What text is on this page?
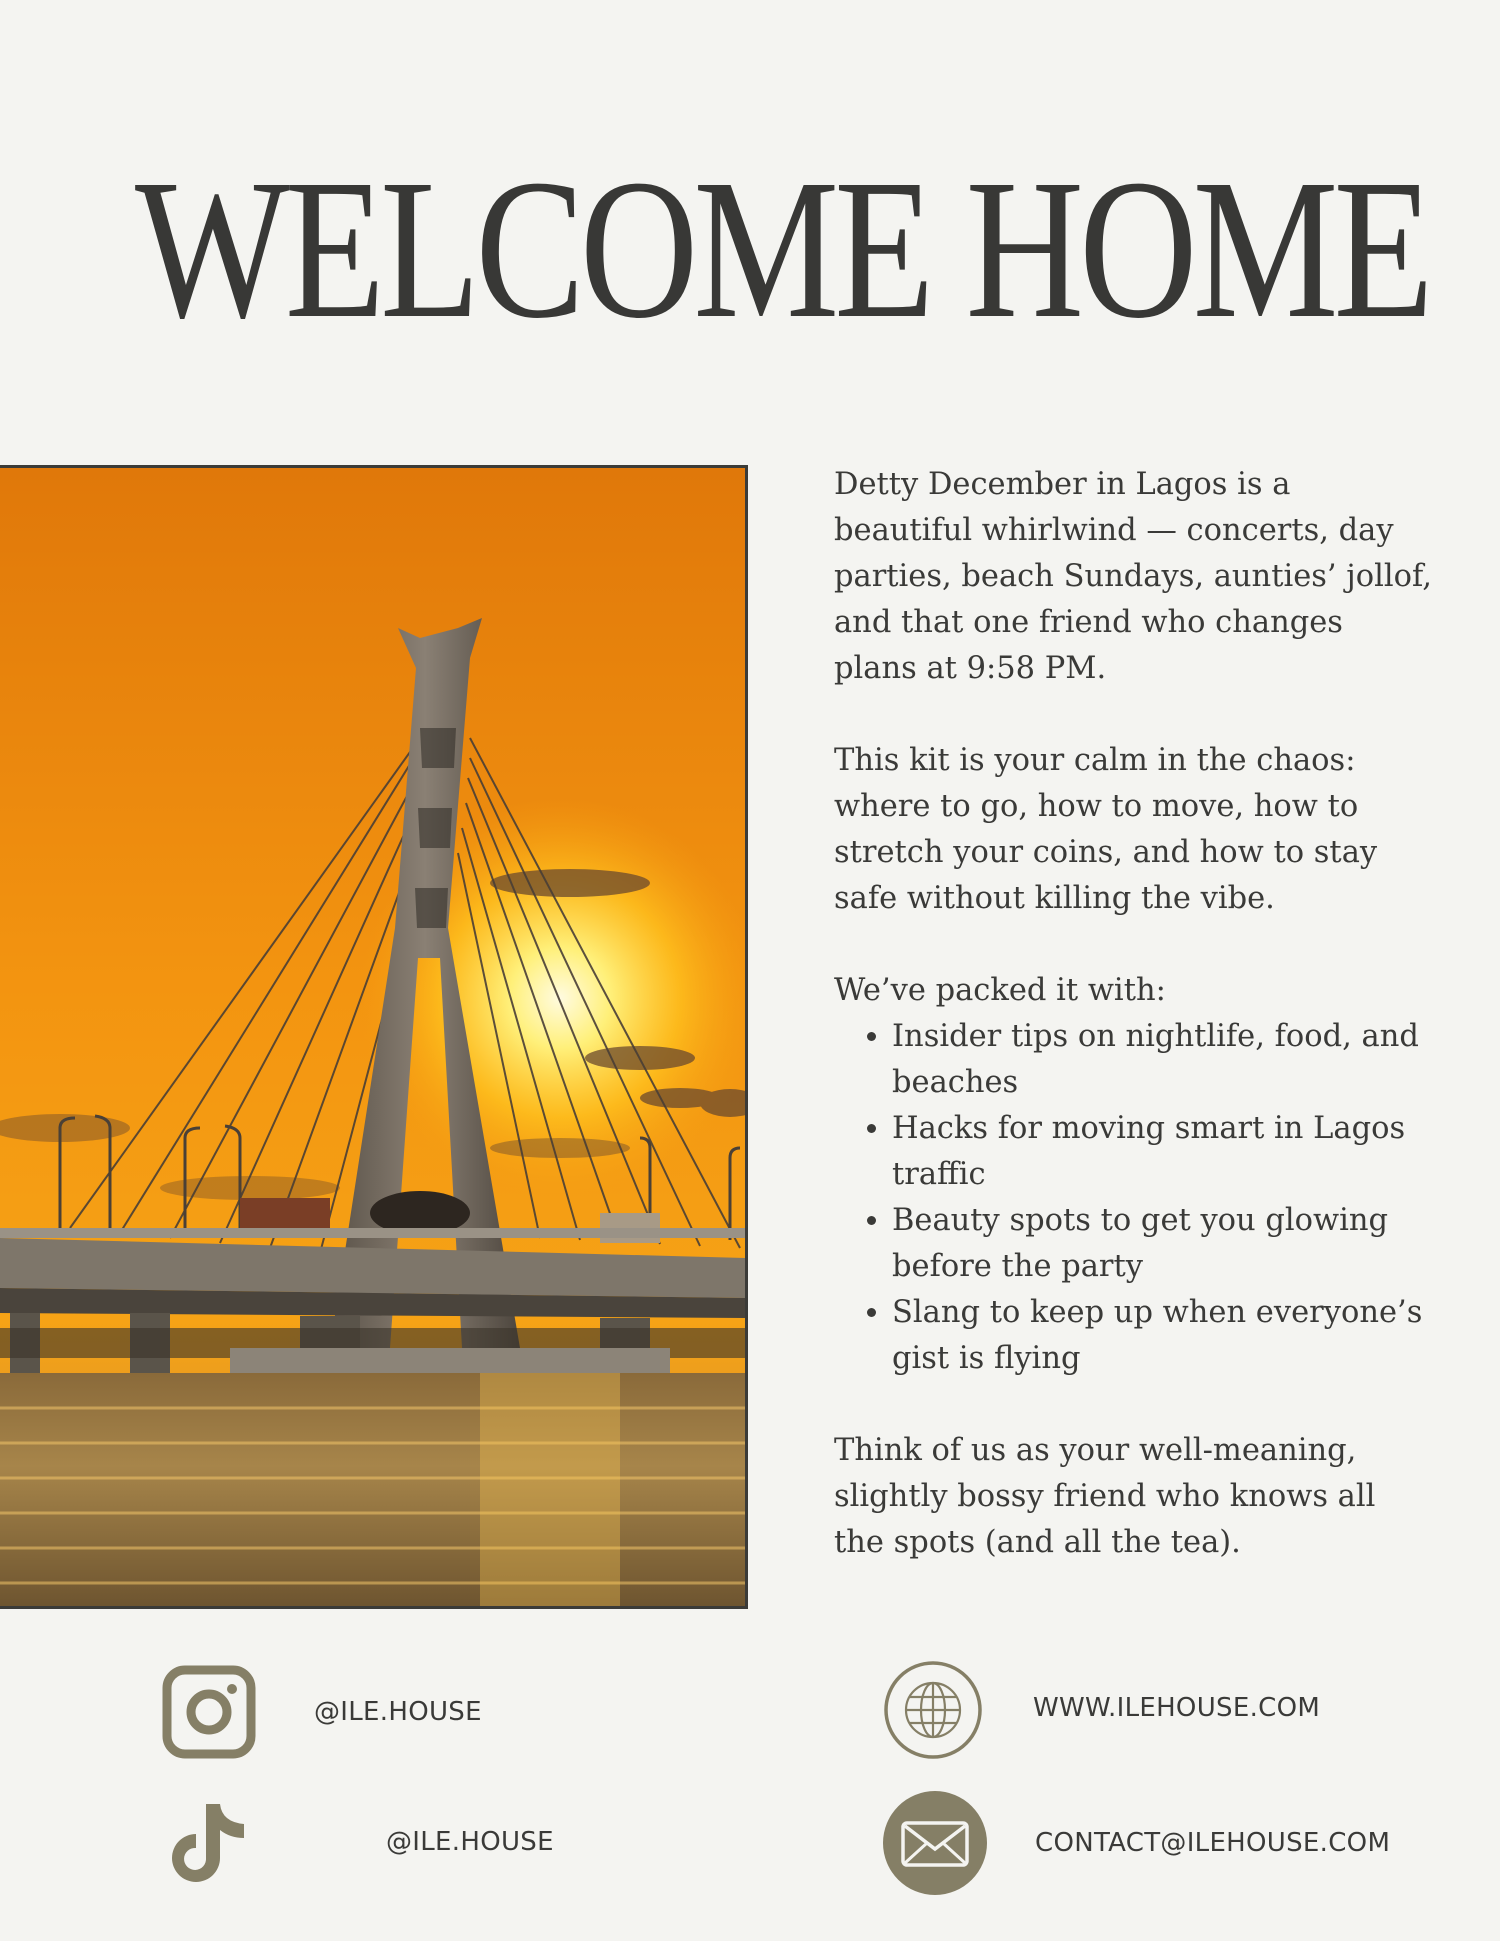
WELCOME HOME

Detty December in Lagos is a beautiful whirlwind — concerts, day parties, beach Sundays, aunties’ jollof, and that one friend who changes plans at 9:58 PM.

This kit is your calm in the chaos: where to go, how to move, how to stretch your coins, and how to stay safe without killing the vibe.

We’ve packed it with:

• Insider tips on nightlife, food, and beaches
• Hacks for moving smart in Lagos traffic
• Beauty spots to get you glowing before the party
• Slang to keep up when everyone’s gist is flying

Think of us as your well-meaning, slightly bossy friend who knows all the spots (and all the tea).

@ILE.HOUSE
@ILE.HOUSE
WWW.ILEHOUSE.COM
CONTACT@ILEHOUSE.COM
